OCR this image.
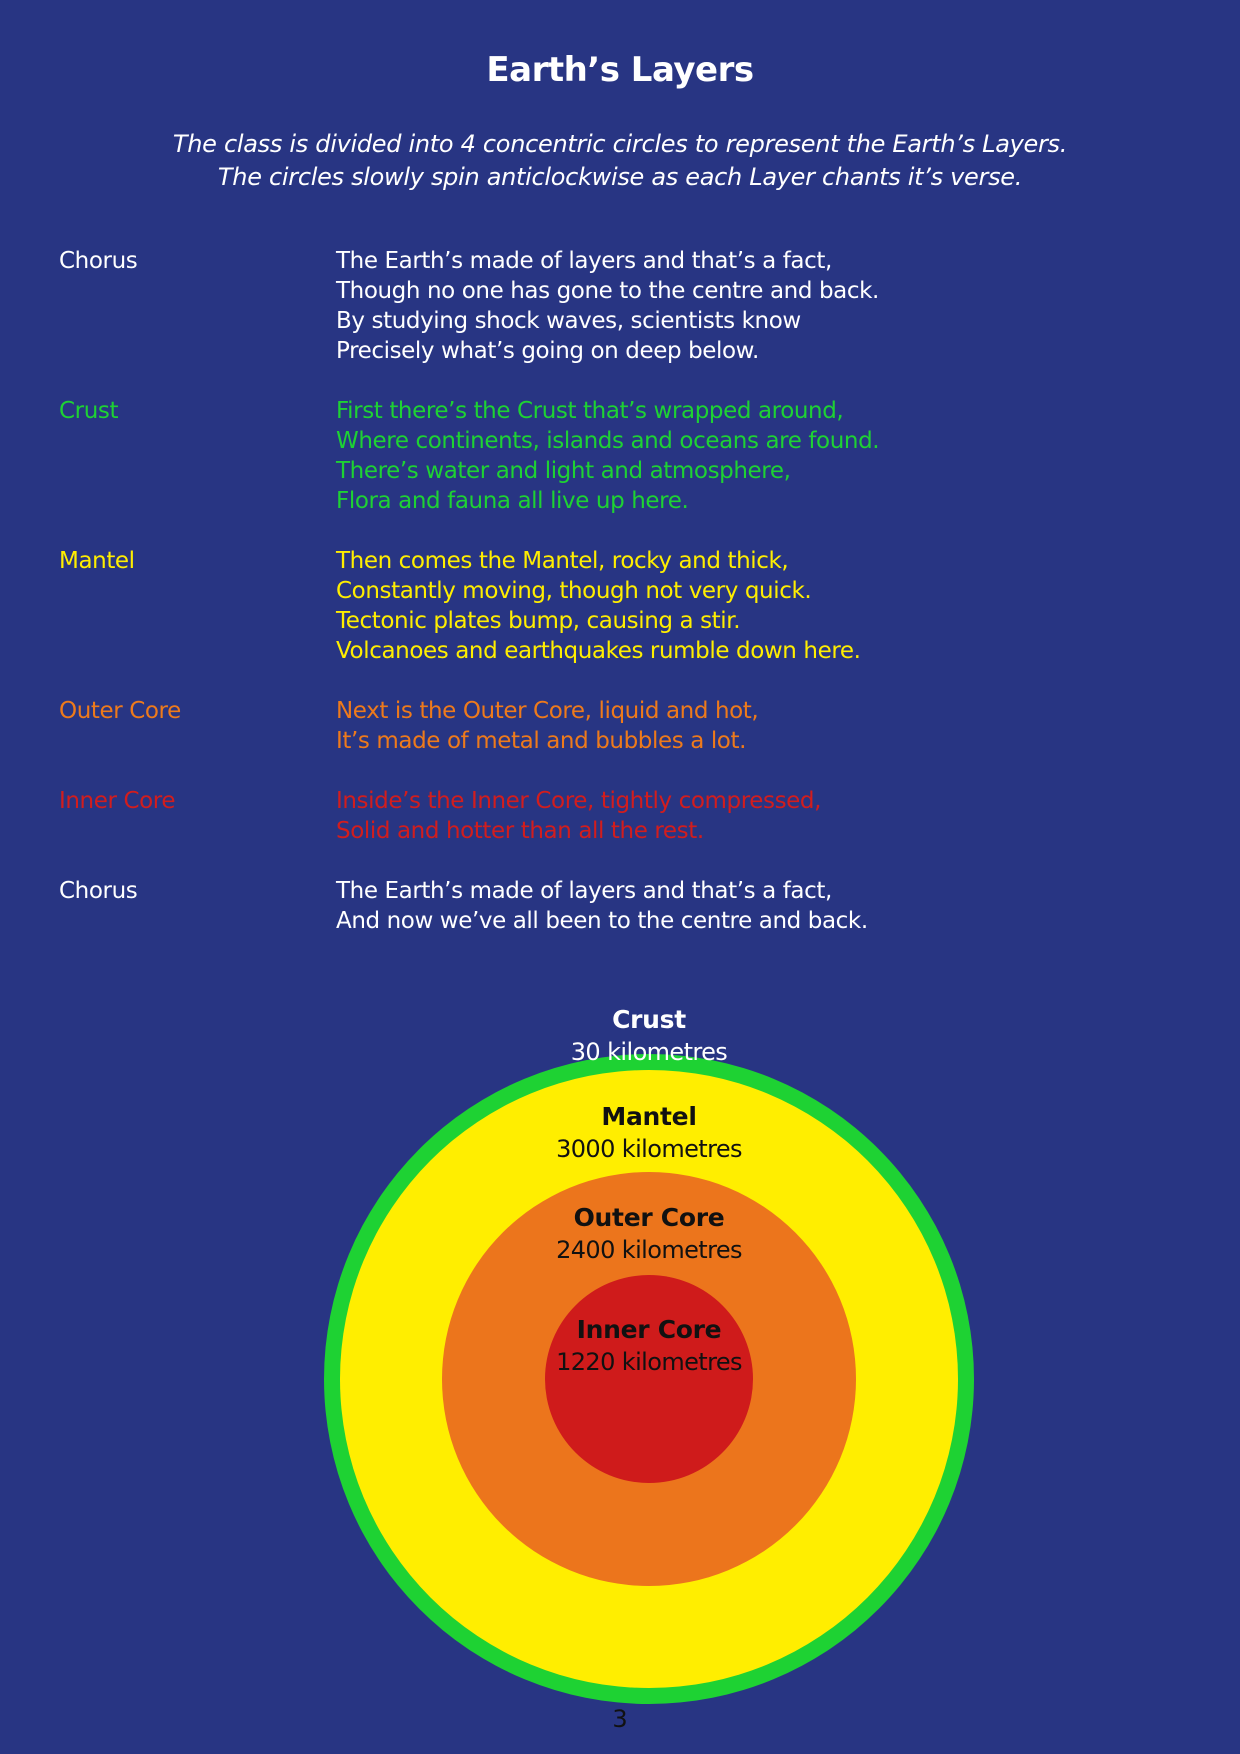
Earth’s Layers
The class is divided into 4 concentric circles to represent the Earth’s Layers.
The circles slowly spin anticlockwise as each Layer chants it’s verse.
Chorus	The Earth’s made of layers and that’s a fact,
Though no one has gone to the centre and back.
By studying shock waves, scientists know
Precisely what’s going on deep below.
Crust	First there’s the Crust that’s wrapped around,
Where continents, islands and oceans are found.
There’s water and light and atmosphere,
Flora and fauna all live up here.
Mantel	Then comes the Mantel, rocky and thick,
Constantly moving, though not very quick.
Tectonic plates bump, causing a stir.
Volcanoes and earthquakes rumble down here.
Outer Core	Next is the Outer Core, liquid and hot,
It’s made of metal and bubbles a lot.
Inner Core	Inside’s the Inner Core, tightly compressed,
Solid and hotter than all the rest.
Chorus	The Earth’s made of layers and that’s a fact,
And now we’ve all been to the centre and back.
Crust
30 kilometres
Mantel
3000 kilometres
Outer Core
2400 kilometres
Inner Core
1220 kilometres
3
